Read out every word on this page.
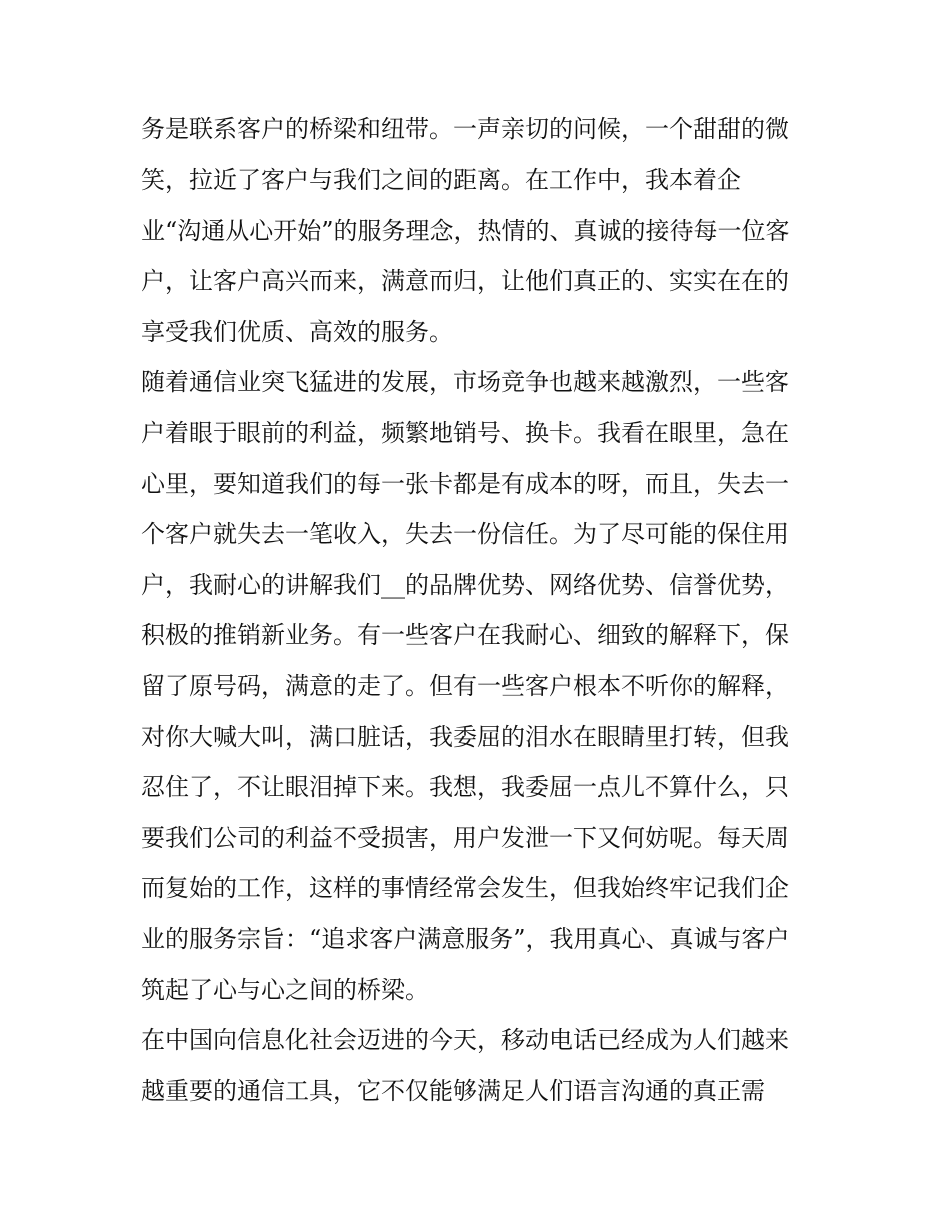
务是联系客户的桥梁和纽带。一声亲切的问候，一个甜甜的微
笑，拉近了客户与我们之间的距离。在工作中，我本着企
业“沟通从心开始”的服务理念，热情的、真诚的接待每一位客
户，让客户高兴而来，满意而归，让他们真正的、实实在在的
享受我们优质、高效的服务。
随着通信业突飞猛进的发展，市场竞争也越来越激烈，一些客
户着眼于眼前的利益，频繁地销号、换卡。我看在眼里，急在
心里，要知道我们的每一张卡都是有成本的呀，而且，失去一
个客户就失去一笔收入，失去一份信任。为了尽可能的保住用
户，我耐心的讲解我们__的品牌优势、网络优势、信誉优势，
积极的推销新业务。有一些客户在我耐心、细致的解释下，保
留了原号码，满意的走了。但有一些客户根本不听你的解释，
对你大喊大叫，满口脏话，我委屈的泪水在眼睛里打转，但我
忍住了，不让眼泪掉下来。我想，我委屈一点儿不算什么，只
要我们公司的利益不受损害，用户发泄一下又何妨呢。每天周
而复始的工作，这样的事情经常会发生，但我始终牢记我们企
业的服务宗旨：“追求客户满意服务”，我用真心、真诚与客户
筑起了心与心之间的桥梁。
在中国向信息化社会迈进的今天，移动电话已经成为人们越来
越重要的通信工具，它不仅能够满足人们语言沟通的真正需
